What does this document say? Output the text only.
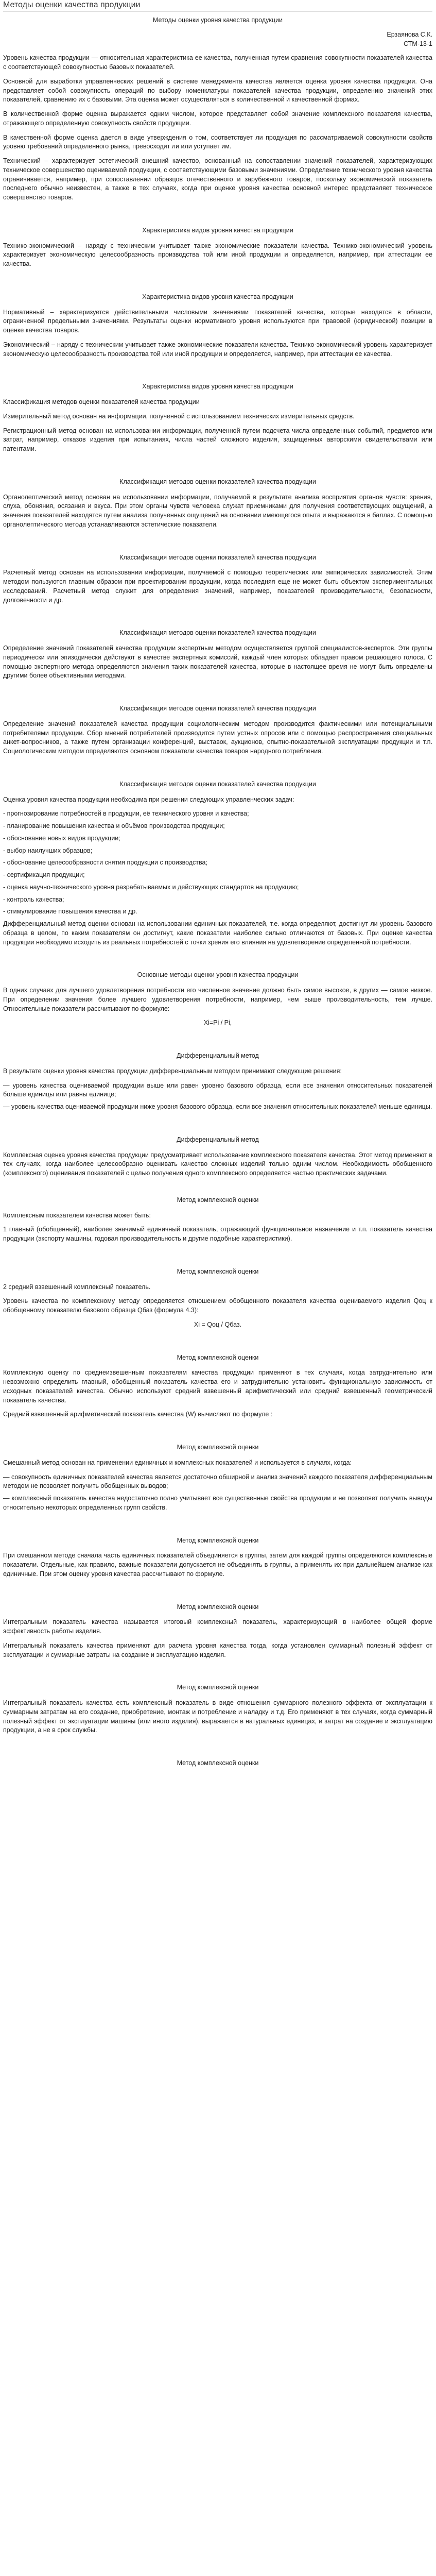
Методы оценки качества продукции

Методы оценки уровня качества продукции

Ерзаянова С.К.

СТМ-13-1

Уровень качества продукции — относительная характеристика ее качества, полученная путем сравнения совокупности показателей качества с соответствующей совокупностью базовых показателей.

Основной для выработки управленческих решений в системе менеджмента качества является оценка уровня качества продукции. Она представляет собой совокупность операций по выбору номенклатуры показателей качества продукции, определению значений этих показателей, сравнению их с базовыми. Эта оценка может осуществляться в количественной и качественной формах.

В количественной форме оценка выражается одним числом, которое представляет собой значение комплексного показателя качества, отражающего определенную совокупность свойств продукции.

В качественной форме оценка дается в виде утверждения о том, соответствует ли продукция по рассматриваемой совокупности свойств уровню требований определенного рынка, превосходит ли или уступает им.

Технический – характеризует эстетический внешний качество, основанный на сопоставлении значений показателей, характеризующих техническое совершенство оцениваемой продукции, с соответствующими базовыми значениями. Определение технического уровня качества ограничивается, например, при сопоставлении образцов отечественного и зарубежного товаров, поскольку экономический показатель последнего обычно неизвестен, а также в тех случаях, когда при оценке уровня качества основной интерес представляет техническое совершенство товаров.

Характеристика видов уровня качества продукции

Технико-экономический – наряду с техническим учитывает также экономические показатели качества. Технико-экономический уровень характеризует экономическую целесообразность производства той или иной продукции и определяется, например, при аттестации ее качества.

Характеристика видов уровня качества продукции

Нормативный – характеризуется действительными числовыми значениями показателей качества, которые находятся в области, ограниченной предельными значениями. Результаты оценки нормативного уровня используются при правовой (юридической) позиции в оценке качества товаров.

Экономический – наряду с техническим учитывает также экономические показатели качества. Технико-экономический уровень характеризует экономическую целесообразность производства той или иной продукции и определяется, например, при аттестации ее качества.

Характеристика видов уровня качества продукции

Классификация методов оценки показателей качества продукции

Измерительный метод основан на информации, полученной с использованием технических измерительных средств.

Регистрационный метод основан на использовании информации, полученной путем подсчета числа определенных событий, предметов или затрат, например, отказов изделия при испытаниях, числа частей сложного изделия, защищенных авторскими свидетельствами или патентами.

Классификация методов оценки показателей качества продукции

Органолептический метод основан на использовании информации, получаемой в результате анализа восприятия органов чувств: зрения, слуха, обоняния, осязания и вкуса. При этом органы чувств человека служат приемниками для получения соответствующих ощущений, а значения показателей находятся путем анализа полученных ощущений на основании имеющегося опыта и выражаются в баллах. С помощью органолептического метода устанавливаются эстетические показатели.

Классификация методов оценки показателей качества продукции

Расчетный метод основан на использовании информации, получаемой с помощью теоретических или эмпирических зависимостей. Этим методом пользуются главным образом при проектировании продукции, когда последняя еще не может быть объектом экспериментальных исследований. Расчетный метод служит для определения значений, например, показателей производительности, безопасности, долговечности и др.

Классификация методов оценки показателей качества продукции

Определение значений показателей качества продукции экспертным методом осуществляется группой специалистов-экспертов. Эти группы периодически или эпизодически действуют в качестве экспертных комиссий, каждый член которых обладает правом решающего голоса. С помощью экспертного метода определяются значения таких показателей качества, которые в настоящее время не могут быть определены другими более объективными методами.

Классификация методов оценки показателей качества продукции

Определение значений показателей качества продукции социологическим методом производится фактическими или потенциальными потребителями продукции. Сбор мнений потребителей производится путем устных опросов или с помощью распространения специальных анкет-вопросников, а также путем организации конференций, выставок, аукционов, опытно-показательной эксплуатации продукции и т.п. Социологическим методом определяются основном показатели качества товаров народного потребления.

Классификация методов оценки показателей качества продукции

Оценка уровня качества продукции необходима при решении следующих управленческих задач:

- прогнозирование потребностей в продукции, её технического уровня и качества;

- планирование повышения качества и объёмов производства продукции;

- обоснование новых видов продукции;

- выбор наилучших образцов;

- обоснование целесообразности снятия продукции с производства;

- сертификация продукции;

- оценка научно-технического уровня разрабатываемых и действующих стандартов на продукцию;

- контроль качества;

- стимулирование повышения качества и др.

Дифференциальный метод оценки основан на использовании единичных показателей, т.е. когда определяют, достигнут ли уровень базового образца в целом, по каким показателям он достигнут, какие показатели наиболее сильно отличаются от базовых. При оценке качества продукции необходимо исходить из реальных потребностей с точки зрения его влияния на удовлетворение определенной потребности.

Основные методы оценки уровня качества продукции

В одних случаях для лучшего удовлетворения потребности его численное значение должно быть самое высокое, в других — самое низкое. При определении значения более лучшего удовлетворения потребности, например, чем выше производительность, тем лучше. Относительные показатели рассчитывают по формуле:

Xi=Pi / Pi,

Дифференциальный метод

В результате оценки уровня качества продукции дифференциальным методом принимают следующие решения:

— уровень качества оцениваемой продукции выше или равен уровню базового образца, если все значения относительных показателей больше единицы или равны единице;

— уровень качества оцениваемой продукции ниже уровня базового образца, если все значения относительных показателей меньше единицы.

Дифференциальный метод

Комплексная оценка уровня качества продукции предусматривает использование комплексного показателя качества. Этот метод применяют в тех случаях, когда наиболее целесообразно оценивать качество сложных изделий только одним числом. Необходимость обобщенного (комплексного) оценивания показателей с целью получения одного комплексного определяется частью практических задачами.

Метод комплексной оценки

Комплексным показателем качества может быть:

1 главный (обобщенный), наиболее значимый единичный показатель, отражающий функциональное назначение и т.п. показатель качества продукции (экспорту машины, годовая производительность и другие подобные характеристики).

Метод комплексной оценки

2 средний взвешенный комплексный показатель.

Уровень качества по комплексному методу определяется отношением обобщенного показателя качества оцениваемого изделия Qоц к обобщенному показателю базового образца Qбаз (формула 4.3):

Xi = Qоц / Qбаз.

Метод комплексной оценки

Комплексную оценку по среднеизвешенным показателям качества продукции применяют в тех случаях, когда затруднительно или невозможно определить главный, обобщенный показатель качества его и затруднительно установить функциональную зависимость от исходных показателей качества. Обычно используют средний взвешенный арифметический или средний взвешенный геометрический показатель качества.

Средний взвешенный арифметический показатель качества (W) вычисляют по формуле :

Метод комплексной оценки

Смешанный метод основан на применении единичных и комплексных показателей и используется в случаях, когда:

— совокупность единичных показателей качества является достаточно обширной и анализ значений каждого показателя дифференциальным методом не позволяет получить обобщенных выводов;

— комплексный показатель качества недостаточно полно учитывает все существенные свойства продукции и не позволяет получить выводы относительно некоторых определенных групп свойств.

Метод комплексной оценки

При смешанном методе сначала часть единичных показателей объединяется в группы, затем для каждой группы определяются комплексные показатели. Отдельные, как правило, важные показатели допускается не объединять в группы, а применять их при дальнейшем анализе как единичные. При этом оценку уровня качества рассчитывают по формуле.

Метод комплексной оценки

Интегральным показатель качества называется итоговый комплексный показатель, характеризующий в наиболее общей форме эффективность работы изделия.

Интегральный показатель качества применяют для расчета уровня качества тогда, когда установлен суммарный полезный эффект от эксплуатации и суммарные затраты на создание и эксплуатацию изделия.

Метод комплексной оценки

Интегральный показатель качества есть комплексный показатель в виде отношения суммарного полезного эффекта от эксплуатации к суммарным затратам на его создание, приобретение, монтаж и потребление и наладку и т.д. Его применяют в тех случаях, когда суммарный полезный эффект от эксплуатации машины (или иного изделия), выражается в натуральных единицах, и затрат на создание и эксплуатацию продукции, а не в срок службы.

Метод комплексной оценки
